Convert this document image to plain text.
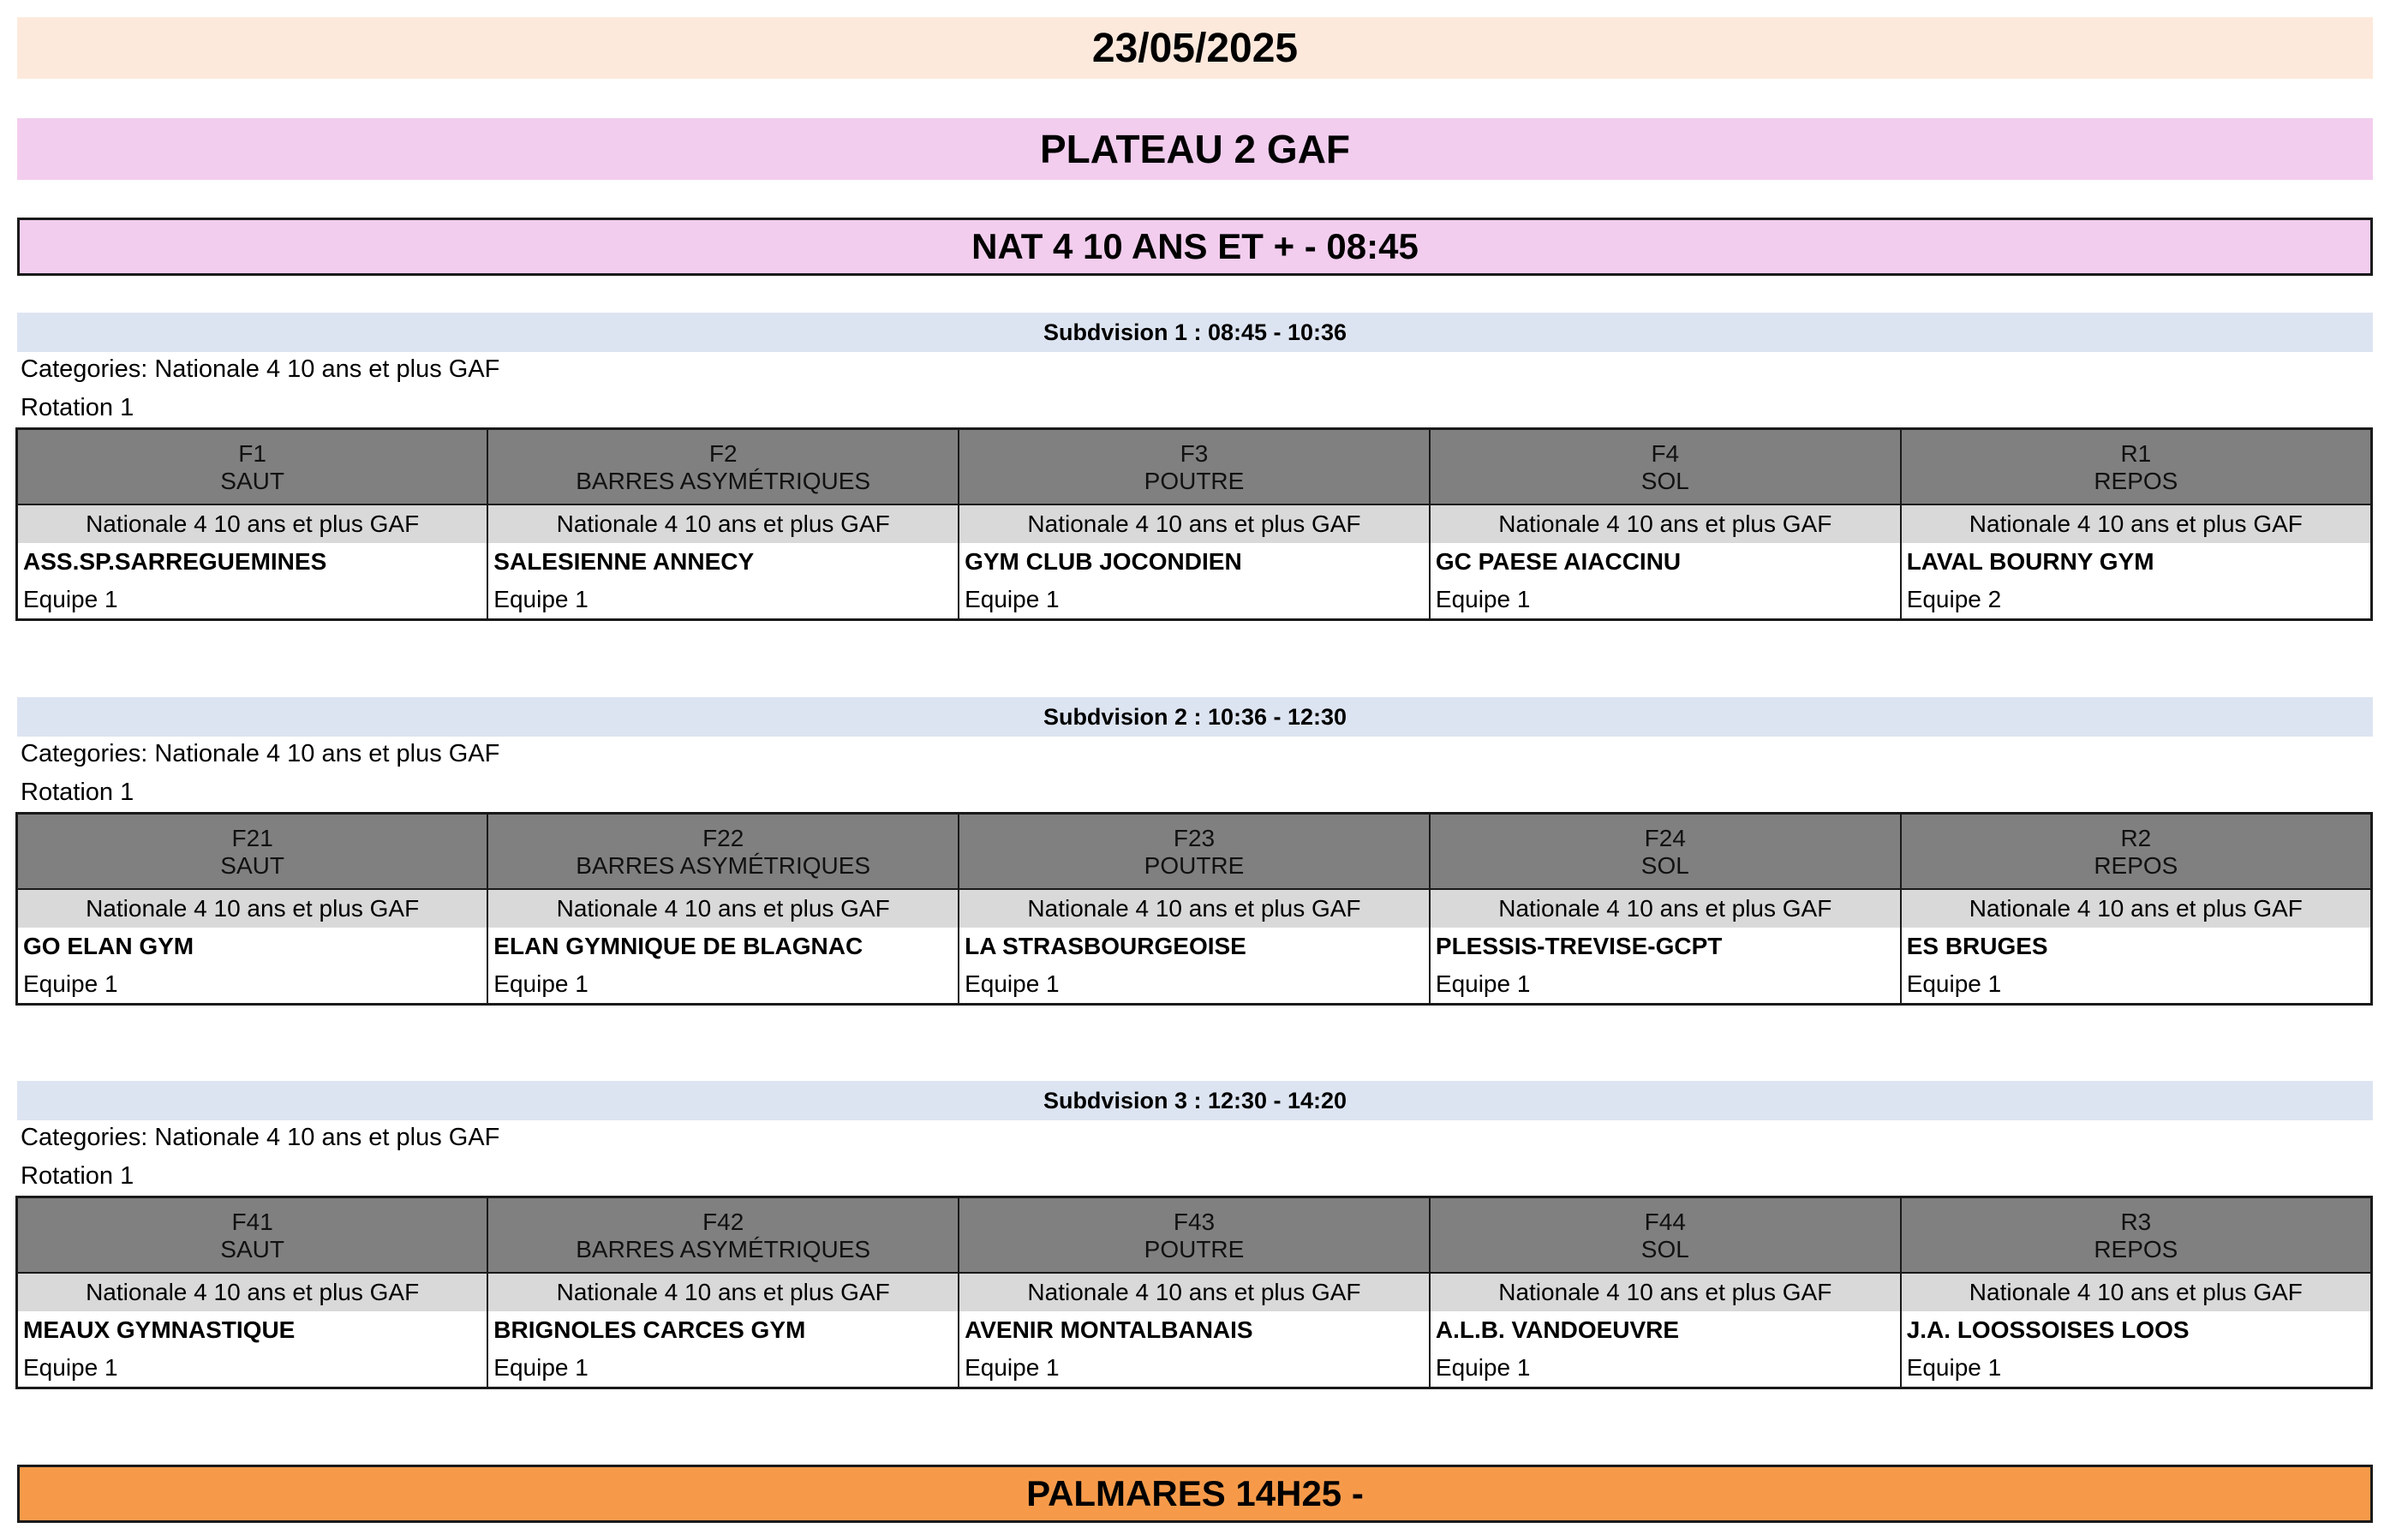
23/05/2025
PLATEAU 2 GAF
NAT 4 10 ANS ET + - 08:45
Subdvision 1 : 08:45 - 10:36
Categories: Nationale 4 10 ans et plus GAF
Rotation 1
F1	F2	F3	F4	R1
SAUT	BARRES ASYMÉTRIQUES	POUTRE	SOL	REPOS
Nationale 4 10 ans et plus GAF	Nationale 4 10 ans et plus GAF	Nationale 4 10 ans et plus GAF	Nationale 4 10 ans et plus GAF	Nationale 4 10 ans et plus GAF
ASS.SP.SARREGUEMINES	SALESIENNE ANNECY	GYM CLUB JOCONDIEN	GC PAESE AIACCINU	LAVAL BOURNY GYM
Equipe 1	Equipe 1	Equipe 1	Equipe 1	Equipe 2
Subdvision 2 : 10:36 - 12:30
Categories: Nationale 4 10 ans et plus GAF
Rotation 1
F21	F22	F23	F24	R2
SAUT	BARRES ASYMÉTRIQUES	POUTRE	SOL	REPOS
Nationale 4 10 ans et plus GAF	Nationale 4 10 ans et plus GAF	Nationale 4 10 ans et plus GAF	Nationale 4 10 ans et plus GAF	Nationale 4 10 ans et plus GAF
GO ELAN GYM	ELAN GYMNIQUE DE BLAGNAC	LA STRASBOURGEOISE	PLESSIS-TREVISE-GCPT	ES BRUGES
Equipe 1	Equipe 1	Equipe 1	Equipe 1	Equipe 1
Subdvision 3 : 12:30 - 14:20
Categories: Nationale 4 10 ans et plus GAF
Rotation 1
F41	F42	F43	F44	R3
SAUT	BARRES ASYMÉTRIQUES	POUTRE	SOL	REPOS
Nationale 4 10 ans et plus GAF	Nationale 4 10 ans et plus GAF	Nationale 4 10 ans et plus GAF	Nationale 4 10 ans et plus GAF	Nationale 4 10 ans et plus GAF
MEAUX GYMNASTIQUE	BRIGNOLES CARCES GYM	AVENIR MONTALBANAIS	A.L.B. VANDOEUVRE	J.A. LOOSSOISES LOOS
Equipe 1	Equipe 1	Equipe 1	Equipe 1	Equipe 1
PALMARES 14H25 -
